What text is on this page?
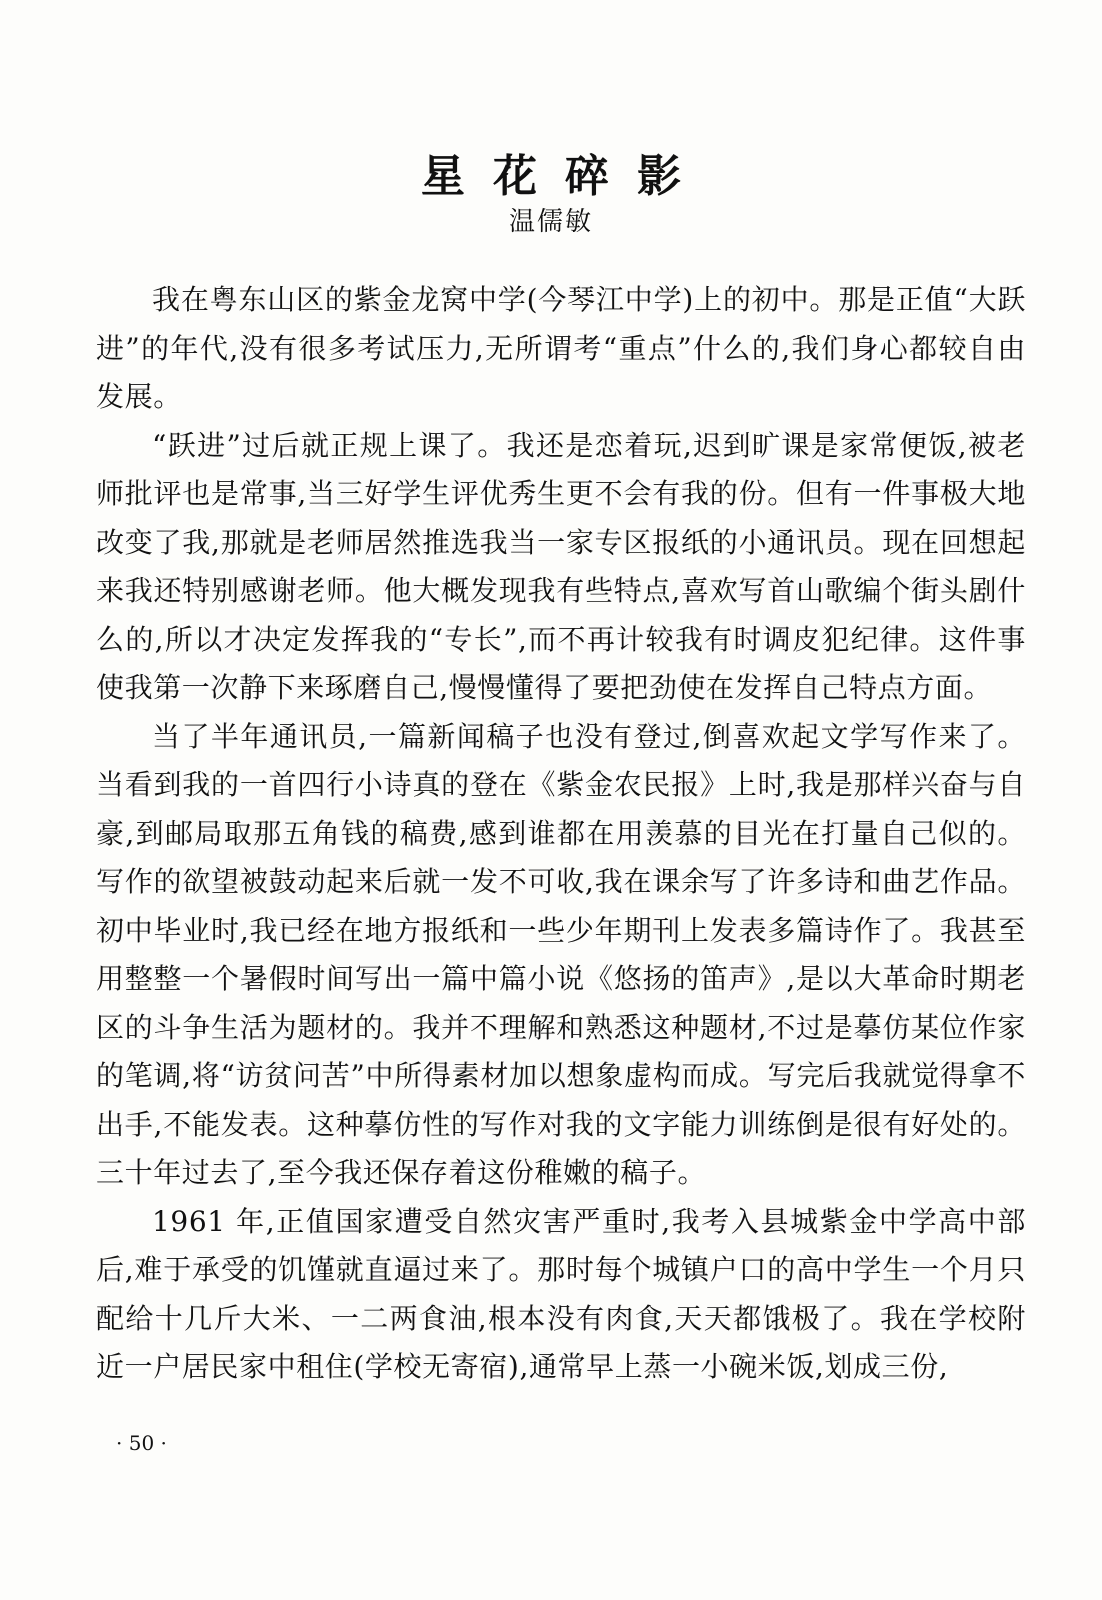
星花碎影
温儒敏

我在粤东山区的紫金龙窝中学(今琴江中学)上的初中。那是正值“大跃进”的年代,没有很多考试压力,无所谓考“重点”什么的,我们身心都较自由发展。

“跃进”过后就正规上课了。我还是恋着玩,迟到旷课是家常便饭,被老师批评也是常事,当三好学生评优秀生更不会有我的份。但有一件事极大地改变了我,那就是老师居然推选我当一家专区报纸的小通讯员。现在回想起来我还特别感谢老师。他大概发现我有些特点,喜欢写首山歌编个街头剧什么的,所以才决定发挥我的“专长”,而不再计较我有时调皮犯纪律。这件事使我第一次静下来琢磨自己,慢慢懂得了要把劲使在发挥自己特点方面。

当了半年通讯员,一篇新闻稿子也没有登过,倒喜欢起文学写作来了。当看到我的一首四行小诗真的登在《紫金农民报》上时,我是那样兴奋与自豪,到邮局取那五角钱的稿费,感到谁都在用羡慕的目光在打量自己似的。写作的欲望被鼓动起来后就一发不可收,我在课余写了许多诗和曲艺作品。初中毕业时,我已经在地方报纸和一些少年期刊上发表多篇诗作了。我甚至用整整一个暑假时间写出一篇中篇小说《悠扬的笛声》,是以大革命时期老区的斗争生活为题材的。我并不理解和熟悉这种题材,不过是摹仿某位作家的笔调,将“访贫问苦”中所得素材加以想象虚构而成。写完后我就觉得拿不出手,不能发表。这种摹仿性的写作对我的文字能力训练倒是很有好处的。三十年过去了,至今我还保存着这份稚嫩的稿子。

1961 年,正值国家遭受自然灾害严重时,我考入县城紫金中学高中部后,难于承受的饥馑就直逼过来了。那时每个城镇户口的高中学生一个月只配给十几斤大米、一二两食油,根本没有肉食,天天都饿极了。我在学校附近一户居民家中租住(学校无寄宿),通常早上蒸一小碗米饭,划成三份,

· 50 ·
